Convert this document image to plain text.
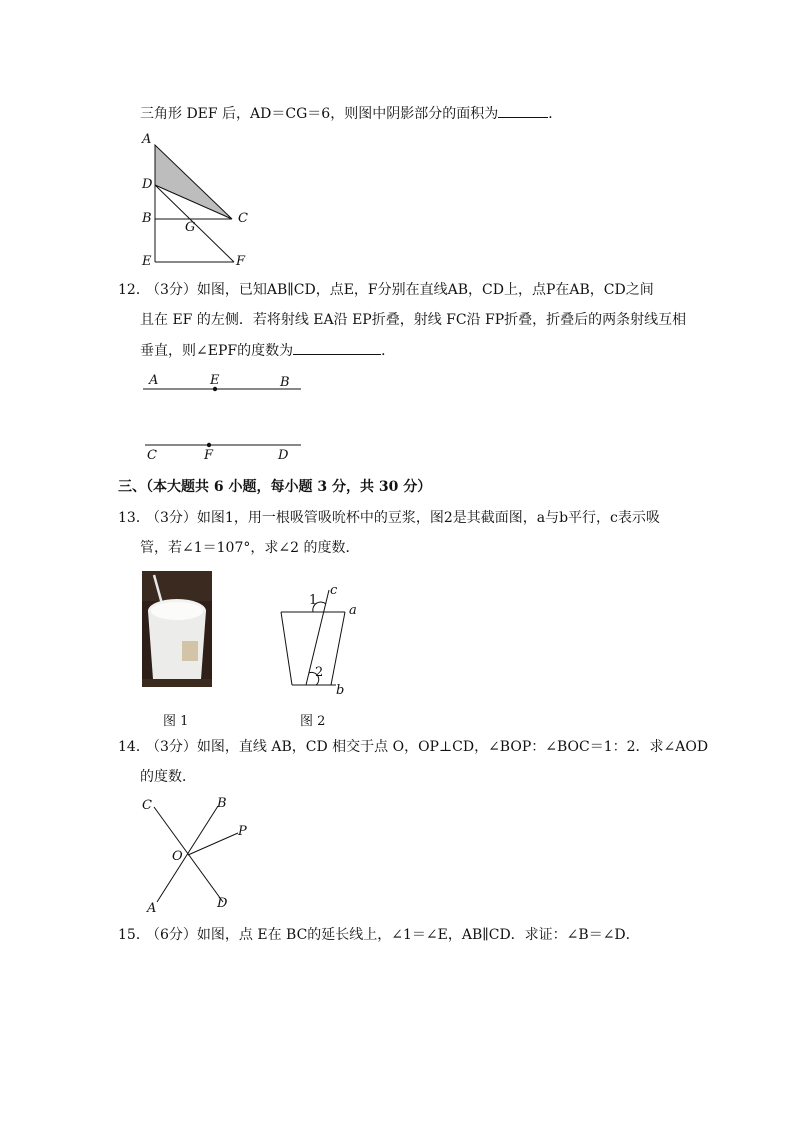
三角形 DEF 后，AD＝CG＝6，则图中阴影部分的面积为	．
A
D
B	C
G
E	F
12．
（3分）如图，已知AB∥CD，点E，F分别在直线AB，CD上，点P在AB，CD之间
且在 EF 的左侧．若将射线 EA沿 EP折叠，射线 FC沿 FP折叠，折叠后的两条射线互相
垂直，则∠EPF的度数为	．
A	E	B
C	F	D
三、（本大题共 6 小题，每小题 3 分，共 30 分）
13．
（3分）如图1，用一根吸管吸吮杯中的豆浆，图2是其截面图，a与b平行，c表示吸
管，若∠1＝107°，求∠2 的度数．
图 1
c
a
b
1
2
图 2
14．
（3分）如图，直线 AB，CD 相交于点 O，OP⊥CD，∠BOP：∠BOC＝1：2．求∠AOD
的度数．
C	B
P
O
A	D
15．
（6分）如图，点 E在 BC的延长线上，∠1＝∠E，AB∥CD．求证：∠B＝∠D．
